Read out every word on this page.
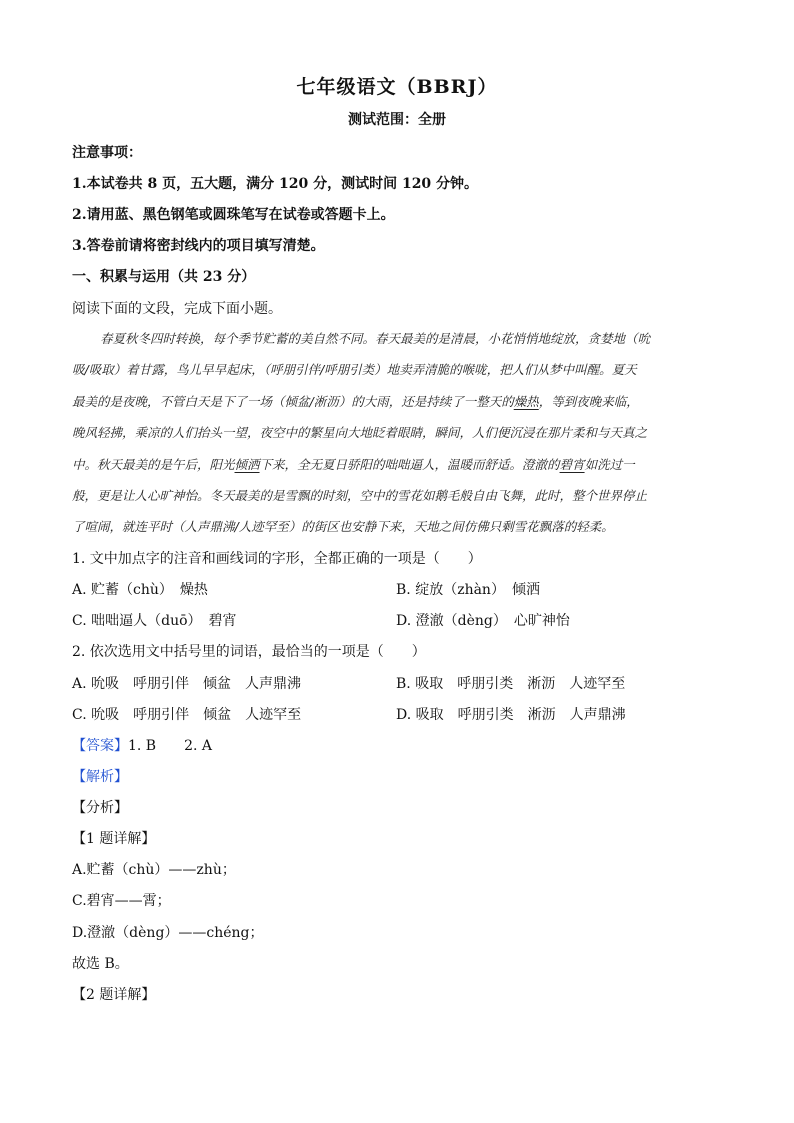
七年级语文（BBRJ）
测试范围：全册
注意事项：
1.本试卷共 8 页，五大题，满分 120 分，测试时间 120 分钟。
2.请用蓝、黑色钢笔或圆珠笔写在试卷或答题卡上。
3.答卷前请将密封线内的项目填写清楚。
一、积累与运用（共 23 分）
阅读下面的文段，完成下面小题。
春夏秋冬四时转换，每个季节贮蓄的美自然不同。春天最美的是清晨，小花悄悄地绽放，贪婪地（吮
吸/吸取）着甘露，鸟儿早早起床，（呼朋引伴/呼朋引类）地卖弄清脆的喉咙，把人们从梦中叫醒。夏天
最美的是夜晚，不管白天是下了一场（倾盆/淅沥）的大雨，还是持续了一整天的燥热，等到夜晚来临，
晚风轻拂，乘凉的人们抬头一望，夜空中的繁星向大地眨着眼睛，瞬间，人们便沉浸在那片柔和与天真之
中。秋天最美的是午后，阳光倾洒下来，全无夏日骄阳的咄咄逼人，温暖而舒适。澄澈的碧宵如洗过一
般，更是让人心旷神怡。冬天最美的是雪飘的时刻，空中的雪花如鹅毛般自由飞舞，此时，整个世界停止
了喧闹，就连平时（人声鼎沸/人迹罕至）的街区也安静下来，天地之间仿佛只剩雪花飘落的轻柔。
1. 文中加点字的注音和画线词的字形，全都正确的一项是（　　）
A. 贮蓄（chù）　燥热	B. 绽放（zhàn）　倾洒
C. 咄咄逼人（duō）　碧宵	D. 澄澈（dèng）　心旷神怡
2. 依次选用文中括号里的词语，最恰当的一项是（　　）
A. 吮吸　呼朋引伴　倾盆　人声鼎沸	B. 吸取　呼朋引类　淅沥　人迹罕至
C. 吮吸　呼朋引伴　倾盆　人迹罕至	D. 吸取　呼朋引类　淅沥　人声鼎沸
【答案】1. B　　2. A
【解析】
【分析】
【1 题详解】
A.贮蓄（chù）——zhù；
C.碧宵——霄；
D.澄澈（dèng）——chéng；
故选 B。
【2 题详解】
